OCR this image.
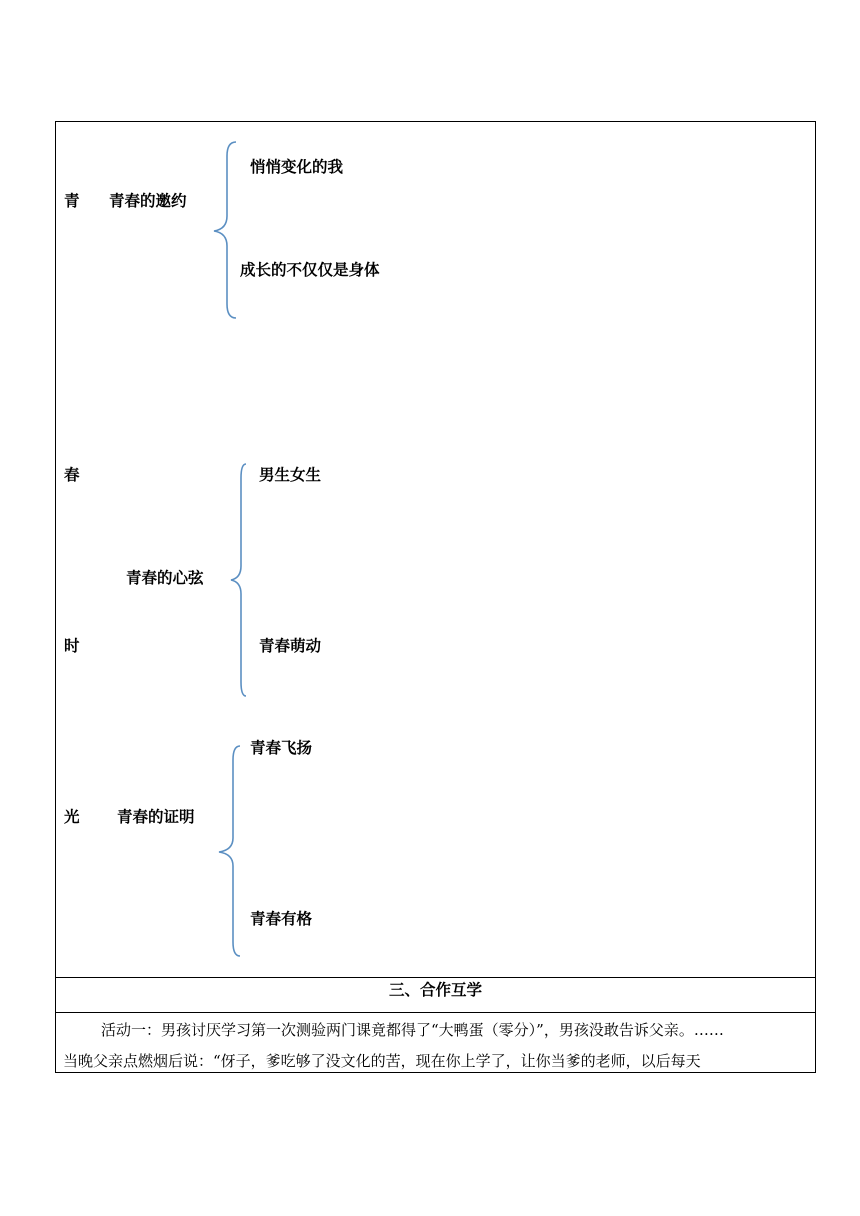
青
春
时
光
青春的邀约
悄悄变化的我
成长的不仅仅是身体
青春的心弦
男生女生
青春萌动
青春的证明
青春飞扬
青春有格
三、合作互学
活动一：男孩讨厌学习第一次测验两门课竟都得了“大鸭蛋（零分）”，男孩没敢告诉父亲。……
当晚父亲点燃烟后说：“伢子，爹吃够了没文化的苦，现在你上学了，让你当爹的老师，以后每天
